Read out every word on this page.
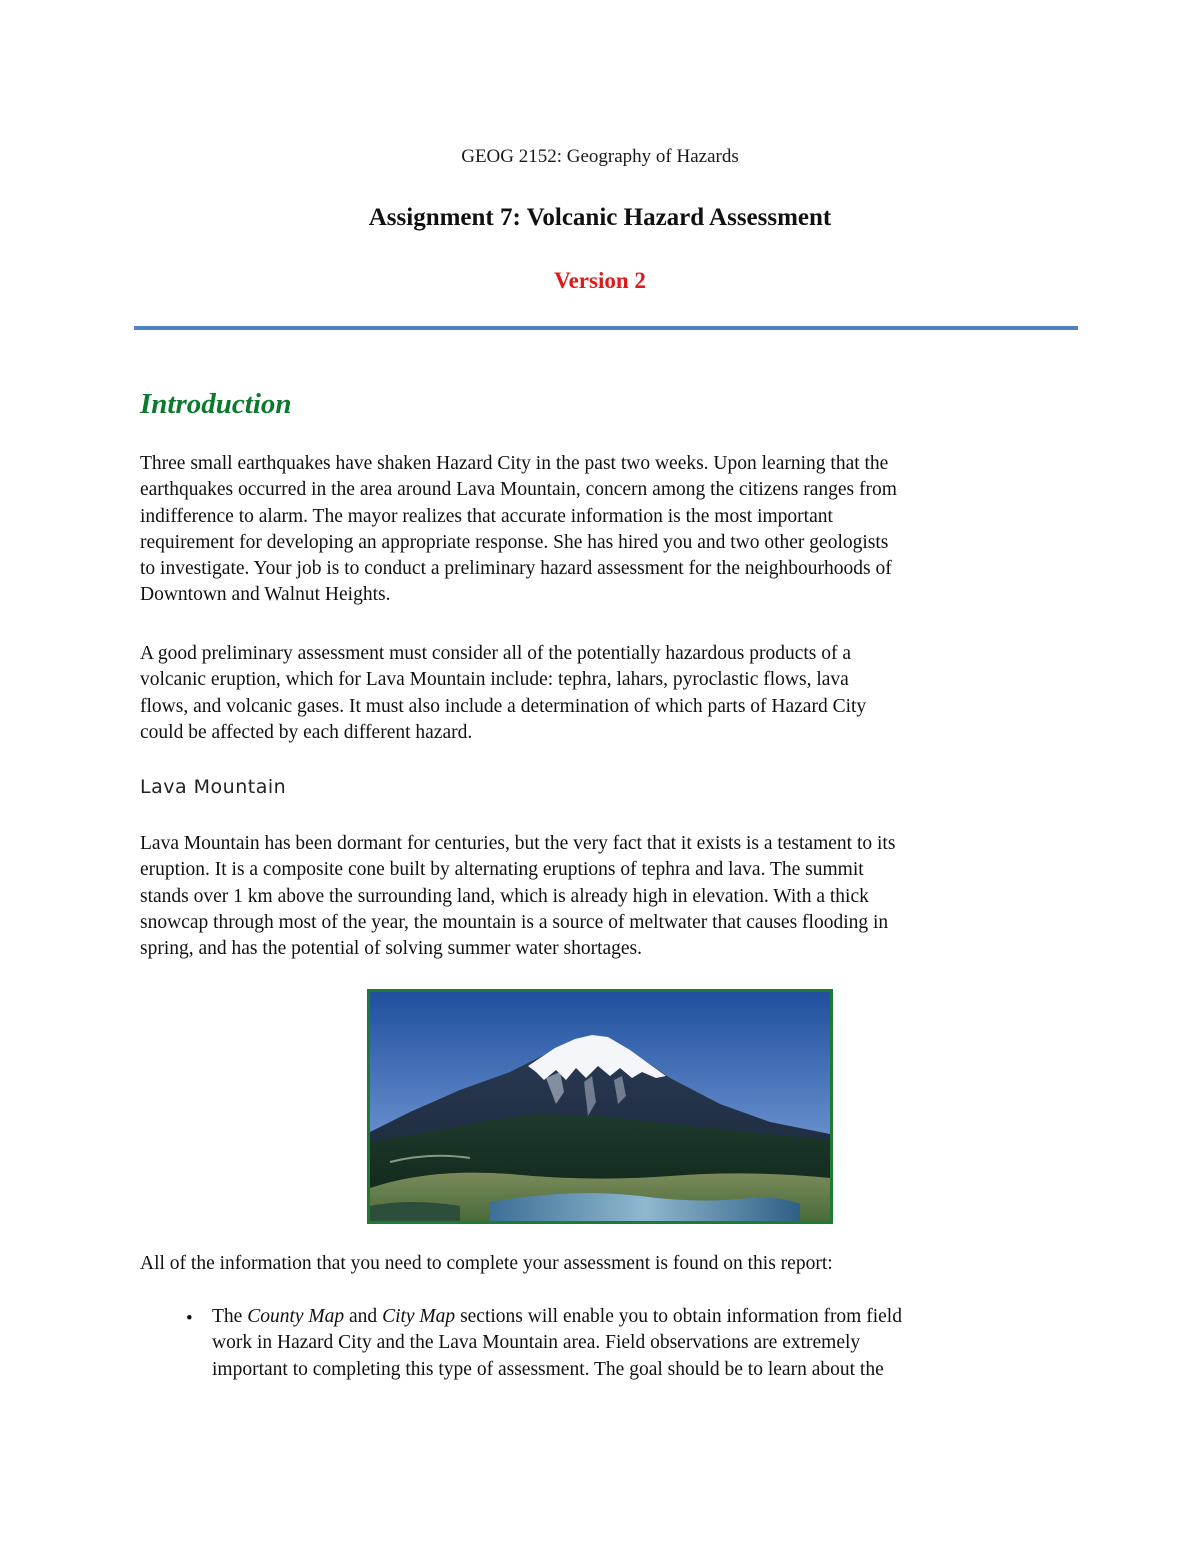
GEOG 2152: Geography of Hazards
Assignment 7: Volcanic Hazard Assessment
Version 2
Introduction

Three small earthquakes have shaken Hazard City in the past two weeks. Upon learning that the
earthquakes occurred in the area around Lava Mountain, concern among the citizens ranges from
indifference to alarm. The mayor realizes that accurate information is the most important
requirement for developing an appropriate response. She has hired you and two other geologists
to investigate. Your job is to conduct a preliminary hazard assessment for the neighbourhoods of
Downtown and Walnut Heights.

A good preliminary assessment must consider all of the potentially hazardous products of a
volcanic eruption, which for Lava Mountain include: tephra, lahars, pyroclastic flows, lava
flows, and volcanic gases. It must also include a determination of which parts of Hazard City
could be affected by each different hazard.

Lava Mountain

Lava Mountain has been dormant for centuries, but the very fact that it exists is a testament to its
eruption. It is a composite cone built by alternating eruptions of tephra and lava. The summit
stands over 1 km above the surrounding land, which is already high in elevation. With a thick
snowcap through most of the year, the mountain is a source of meltwater that causes flooding in
spring, and has the potential of solving summer water shortages.

All of the information that you need to complete your assessment is found on this report:

• The County Map and City Map sections will enable you to obtain information from field
work in Hazard City and the Lava Mountain area. Field observations are extremely
important to completing this type of assessment. The goal should be to learn about the
